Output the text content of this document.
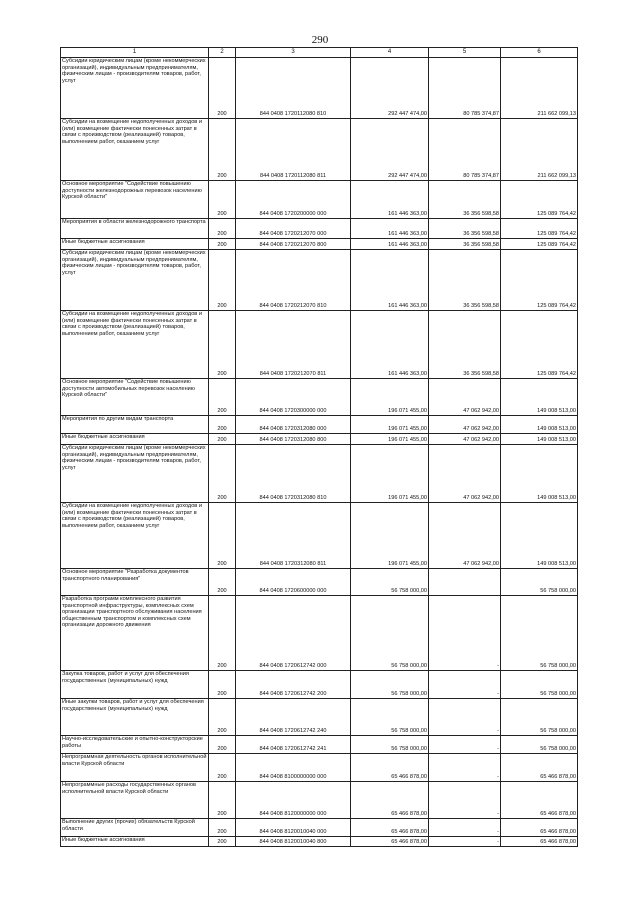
290
1	2	3	4	5	6
Субсидии юридическим лицам (кроме некоммерческих организаций), индивидуальным предпринимателям, физическим лицам - производителям товаров, работ, услуг	200	844 0408 1720112080 810	292 447 474,00	80 785 374,87	211 662 099,13
Субсидии на возмещение недополученных доходов и (или) возмещение фактически понесенных затрат в связи с производством (реализацией) товаров, выполнением работ, оказанием услуг	200	844 0408 1720112080 811	292 447 474,00	80 785 374,87	211 662 099,13
Основное мероприятие "Содействие повышению доступности железнодорожных перевозок населению Курской области"	200	844 0408 1720200000 000	161 446 363,00	36 356 598,58	125 089 764,42
Мероприятия в области железнодорожного транспорта	200	844 0408 1720212070 000	161 446 363,00	36 356 598,58	125 089 764,42
Иные бюджетные ассигнования	200	844 0408 1720212070 800	161 446 363,00	36 356 598,58	125 089 764,42
Субсидии юридическим лицам (кроме некоммерческих организаций), индивидуальным предпринимателям, физическим лицам - производителям товаров, работ, услуг	200	844 0408 1720212070 810	161 446 363,00	36 356 598,58	125 089 764,42
Субсидии на возмещение недополученных доходов и (или) возмещение фактически понесенных затрат в связи с производством (реализацией) товаров, выполнением работ, оказанием услуг	200	844 0408 1720212070 811	161 446 363,00	36 356 598,58	125 089 764,42
Основное мероприятие "Содействие повышению доступности автомобильных перевозок населению Курской области"	200	844 0408 1720300000 000	196 071 455,00	47 062 942,00	149 008 513,00
Мероприятия по другим видам транспорта	200	844 0408 1720312080 000	196 071 455,00	47 062 942,00	149 008 513,00
Иные бюджетные ассигнования	200	844 0408 1720312080 800	196 071 455,00	47 062 942,00	149 008 513,00
Субсидии юридическим лицам (кроме некоммерческих организаций), индивидуальным предпринимателям, физическим лицам - производителям товаров, работ, услуг	200	844 0408 1720312080 810	196 071 455,00	47 062 942,00	149 008 513,00
Субсидии на возмещение недополученных доходов и (или) возмещение фактически понесенных затрат в связи с производством (реализацией) товаров, выполнением работ, оказанием услуг	200	844 0408 1720312080 811	196 071 455,00	47 062 942,00	149 008 513,00
Основное мероприятие "Разработка документов транспортного планирования"	200	844 0408 1720600000 000	56 758 000,00		56 758 000,00
Разработка программ комплексного развития транспортной инфраструктуры, комплексных схем организации транспортного обслуживания населения общественным транспортом и комплексных схем организации дорожного движения	200	844 0408 1720612742 000	56 758 000,00	-	56 758 000,00
Закупка товаров, работ и услуг для обеспечения государственных (муниципальных) нужд	200	844 0408 1720612742 200	56 758 000,00	-	56 758 000,00
Иные закупки товаров, работ и услуг для обеспечения государственных (муниципальных) нужд	200	844 0408 1720612742 240	56 758 000,00	-	56 758 000,00
Научно-исследовательские и опытно-конструкторские работы	200	844 0408 1720612742 241	56 758 000,00	-	56 758 000,00
Непрограммная деятельность органов исполнительной власти Курской области	200	844 0408 8100000000 000	65 466 878,00	-	65 466 878,00
Непрограммные расходы государственных органов исполнительной власти Курской области	200	844 0408 8120000000 000	65 466 878,00	-	65 466 878,00
Выполнение других (прочих) обязательств Курской области	200	844 0408 8120010040 000	65 466 878,00	-	65 466 878,00
Иные бюджетные ассигнования	200	844 0408 8120010040 800	65 466 878,00	-	65 466 878,00
